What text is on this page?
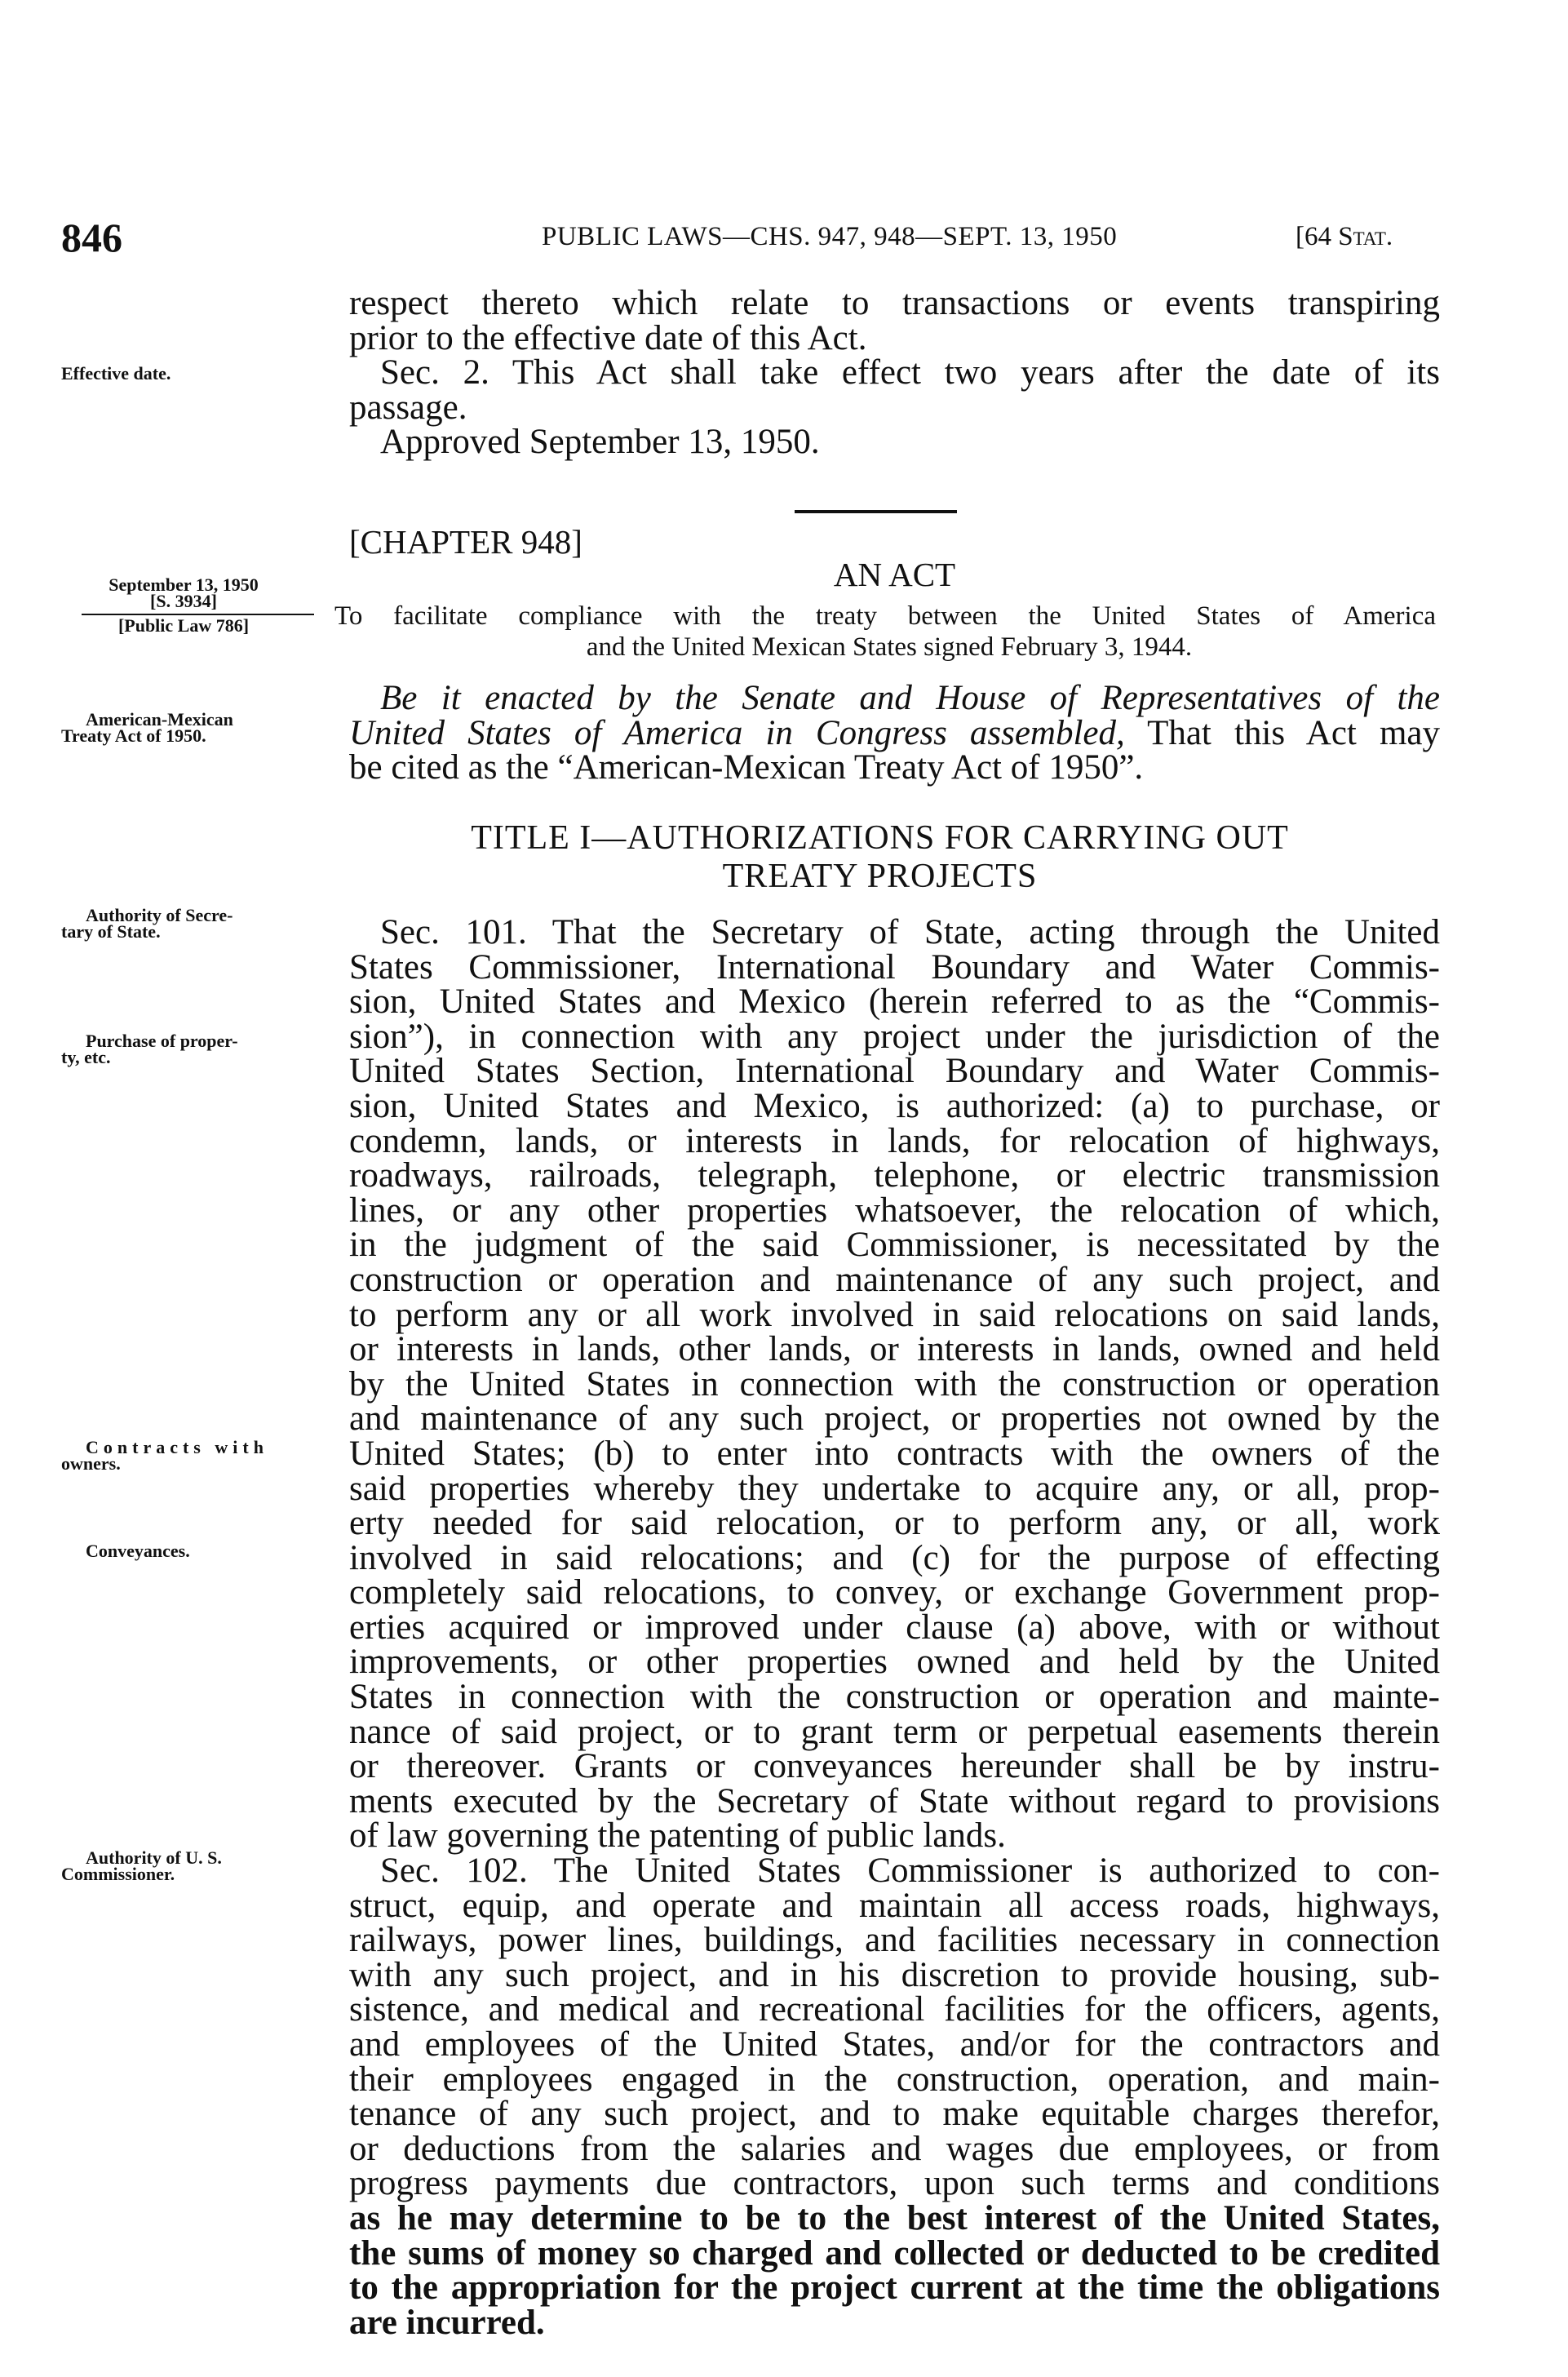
846	PUBLIC LAWS—CHS. 947, 948—SEPT. 13, 1950	[64 Stat.
respect thereto which relate to transactions or events transpiring
prior to the effective date of this Act.
Sec. 2. This Act shall take effect two years after the date of its
passage.
Approved September 13, 1950.
[CHAPTER 948]
AN ACT
To facilitate compliance with the treaty between the United States of America
and the United Mexican States signed February 3, 1944.
Be it enacted by the Senate and House of Representatives of the
United States of America in Congress assembled, That this Act may
be cited as the “American-Mexican Treaty Act of 1950”.
TITLE I—AUTHORIZATIONS FOR CARRYING OUT
TREATY PROJECTS
Sec. 101. That the Secretary of State, acting through the United
States Commissioner, International Boundary and Water Commis-
sion, United States and Mexico (herein referred to as the “Commis-
sion”), in connection with any project under the jurisdiction of the
United States Section, International Boundary and Water Commis-
sion, United States and Mexico, is authorized: (a) to purchase, or
condemn, lands, or interests in lands, for relocation of highways,
roadways, railroads, telegraph, telephone, or electric transmission
lines, or any other properties whatsoever, the relocation of which,
in the judgment of the said Commissioner, is necessitated by the
construction or operation and maintenance of any such project, and
to perform any or all work involved in said relocations on said lands,
or interests in lands, other lands, or interests in lands, owned and held
by the United States in connection with the construction or operation
and maintenance of any such project, or properties not owned by the
United States; (b) to enter into contracts with the owners of the
said properties whereby they undertake to acquire any, or all, prop-
erty needed for said relocation, or to perform any, or all, work
involved in said relocations; and (c) for the purpose of effecting
completely said relocations, to convey, or exchange Government prop-
erties acquired or improved under clause (a) above, with or without
improvements, or other properties owned and held by the United
States in connection with the construction or operation and mainte-
nance of said project, or to grant term or perpetual easements therein
or thereover. Grants or conveyances hereunder shall be by instru-
ments executed by the Secretary of State without regard to provisions
of law governing the patenting of public lands.
Sec. 102. The United States Commissioner is authorized to con-
struct, equip, and operate and maintain all access roads, highways,
railways, power lines, buildings, and facilities necessary in connection
with any such project, and in his discretion to provide housing, sub-
sistence, and medical and recreational facilities for the officers, agents,
and employees of the United States, and/or for the contractors and
their employees engaged in the construction, operation, and main-
tenance of any such project, and to make equitable charges therefor,
or deductions from the salaries and wages due employees, or from
progress payments due contractors, upon such terms and conditions
as he may determine to be to the best interest of the United States,
the sums of money so charged and collected or deducted to be credited
to the appropriation for the project current at the time the obligations
are incurred.
Effective date.
September 13, 1950
[S. 3934]
[Public Law 786]
American-Mexican
Treaty Act of 1950.
Authority of Secre-
tary of State.
Purchase of proper-
ty, etc.
Contracts with
owners.
Conveyances.
Authority of U. S.
Commissioner.
